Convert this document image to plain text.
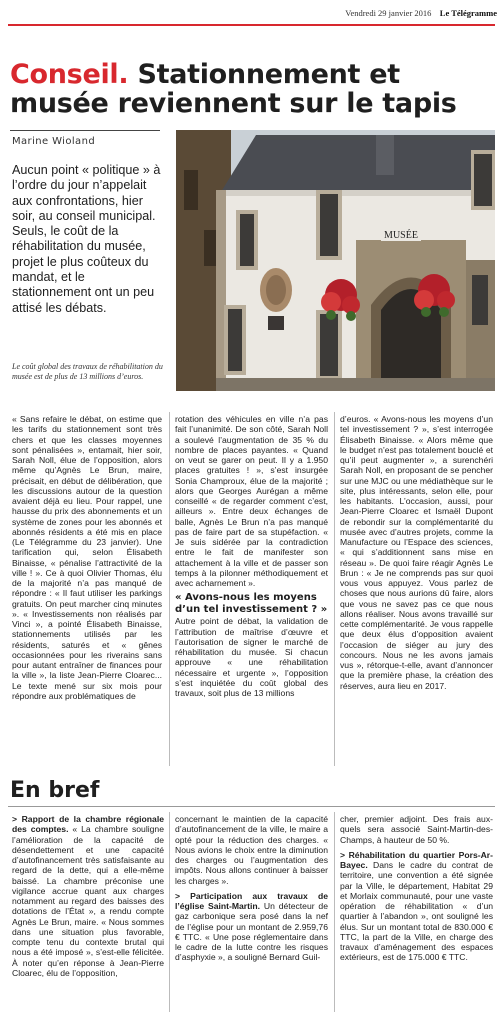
Vendredi 29 janvier 2016 Le Télégramme
Conseil. Stationnement et musée reviennent sur le tapis
Marine Wioland
Aucun point « politique » à l’ordre du jour n’appelait aux confrontations, hier soir, au conseil municipal. Seuls, le coût de la réhabilitation du musée, projet le plus coûteux du mandat, et le stationnement ont un peu attisé les débats.
MUSÉE
Le coût global des travaux de réhabilitation du musée est de plus de 13 millions d’euros.

« Sans refaire le débat, on estime que les tarifs du stationnement sont très chers et que les classes moyennes sont pénalisées », entamait, hier soir, Sarah Noll, élue de l’opposition, alors même qu’Agnès Le Brun, maire, précisait, en début de délibération, que les discussions autour de la question avaient déjà eu lieu. Pour rappel, une hausse du prix des abonnements et un système de zones pour les abonnés et abonnés résidents a été mis en place (Le Télégramme du 23 janvier). Une tarification qui, selon Élisabeth Binaisse, « pénalise l’attractivité de la ville ! ». Ce à quoi Olivier Thomas, élu de la majorité n’a pas manqué de répondre : « Il faut utiliser les parkings gratuits. On peut marcher cinq minutes ». « Investissements non réalisés par Vinci », a pointé Élisabeth Binaisse, stationnements utilisés par les résidents, saturés et « gênes occasionnées pour les riverains sans pour autant entraîner de finances pour la ville », la liste Jean-Pierre Cloarec... Le texte mené sur six mois pour répondre aux problématiques de

rotation des véhicules en ville n’a pas fait l’unanimité. De son côté, Sarah Noll a soulevé l’augmentation de 35 % du nombre de places payantes. « Quand on veut se garer on peut. Il y a 1.950 places gratuites ! », s’est insurgée Sonia Champroux, élue de la majorité ; alors que Georges Aurégan a même conseillé « de regarder comment c’est, ailleurs ». Entre deux échanges de balle, Agnès Le Brun n’a pas manqué pas de faire part de sa stupéfaction. « Je suis sidérée par la contradiction entre le fait de manifester son attachement à la ville et de passer son temps à la pilonner méthodiquement et avec acharnement ».

« Avons-nous les moyens d’un tel investissement ? »

Autre point de débat, la validation de l’attribution de maîtrise d’œuvre et l’autorisation de signer le marché de réhabilitation du musée. Si chacun approuve « une réhabilitation nécessaire et urgente », l’opposition s’est inquiétée du coût global des travaux, soit plus de 13 millions

d’euros. « Avons-nous les moyens d’un tel investissement ? », s’est interrogée Élisabeth Binaisse. « Alors même que le budget n’est pas totalement bouclé et qu’il peut augmenter », a surenchéri Sarah Noll, en proposant de se pencher sur une MJC ou une médiathèque sur le site, plus intéressants, selon elle, pour les habitants. L’occasion, aussi, pour Jean-Pierre Cloarec et Ismaël Dupont de rebondir sur la complémentarité du musée avec d’autres projets, comme la Manufacture ou l’Espace des sciences, « qui s’additionnent sans mise en réseau ». De quoi faire réagir Agnès Le Brun : « Je ne comprends pas sur quoi vous vous appuyez. Vous parlez de choses que nous aurions dû faire, alors que vous ne savez pas ce que nous allons réaliser. Nous avons travaillé sur cette complémentarité. Je vous rappelle que deux élus d’opposition avaient l’occasion de siéger au jury des concours. Nous ne les avons jamais vus », rétorque-t-elle, avant d’annoncer que la première phase, la création des réserves, aura lieu en 2017.

En bref

> Rapport de la chambre régionale des comptes. « La chambre souligne l’amélioration de la capacité de désendettement et une capacité d’autofinancement très satisfaisante au regard de la dette, qui a elle-même baissé. La chambre préconise une vigilance accrue quant aux charges notamment au regard des baisses des dotations de l’État », a rendu compte Agnès Le Brun, maire. « Nous sommes dans une situation plus favorable, compte tenu du contexte brutal qui nous a été imposé », s’est-elle félicitée. À noter qu’en réponse à Jean-Pierre Cloarec, élu de l’opposition,

concernant le maintien de la capacité d’autofinancement de la ville, le maire a opté pour la réduction des charges. « Nous avions le choix entre la diminution des charges ou l’augmentation des impôts. Nous allons continuer à baisser les charges ».

> Participation aux travaux de l’église Saint-Martin. Un détecteur de gaz carbonique sera posé dans la nef de l’église pour un montant de 2.959,76 € TTC. « Une pose réglementaire dans le cadre de la lutte contre les risques d’asphyxie », a souligné Bernard Guil-

cher, premier adjoint. Des frais aux-quels sera associé Saint-Martin-des-Champs, à hauteur de 50 %.

> Réhabilitation du quartier Pors-Ar-Bayec. Dans le cadre du contrat de territoire, une convention a été signée par la Ville, le département, Habitat 29 et Morlaix communauté, pour une vaste opération de réhabilitation « d’un quartier à l’abandon », ont souligné les élus. Sur un montant total de 830.000 € TTC, la part de la Ville, en charge des travaux d’aménagement des espaces extérieurs, est de 175.000 € TTC.
